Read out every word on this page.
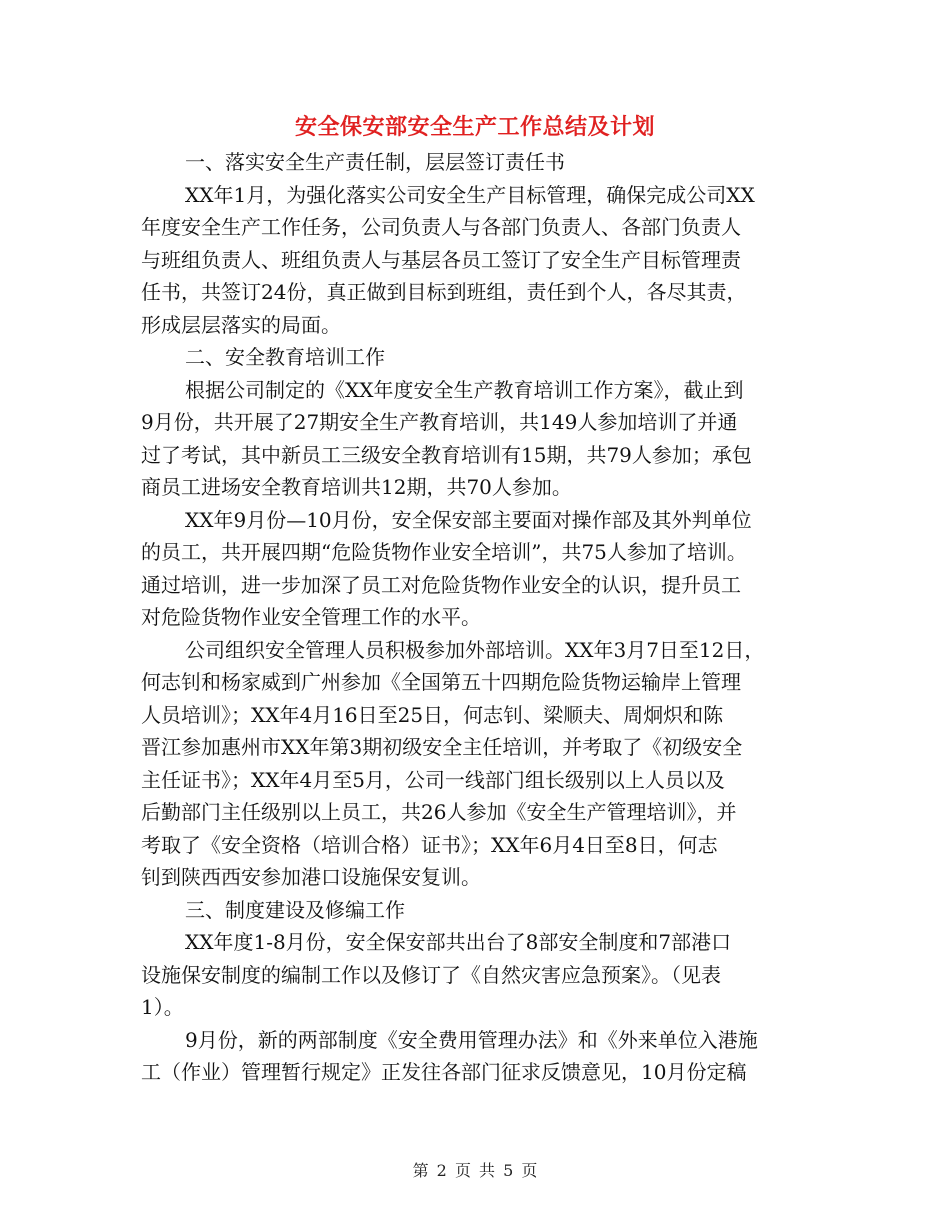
安全保安部安全生产工作总结及计划
一、落实安全生产责任制，层层签订责任书
XX年1月，为强化落实公司安全生产目标管理，确保完成公司XX
年度安全生产工作任务，公司负责人与各部门负责人、各部门负责人
与班组负责人、班组负责人与基层各员工签订了安全生产目标管理责
任书，共签订24份，真正做到目标到班组，责任到个人，各尽其责，
形成层层落实的局面。
二、安全教育培训工作
根据公司制定的《XX年度安全生产教育培训工作方案》，截止到
9月份，共开展了27期安全生产教育培训，共149人参加培训了并通
过了考试，其中新员工三级安全教育培训有15期，共79人参加；承包
商员工进场安全教育培训共12期，共70人参加。
XX年9月份—10月份，安全保安部主要面对操作部及其外判单位
的员工，共开展四期“危险货物作业安全培训”，共75人参加了培训。
通过培训，进一步加深了员工对危险货物作业安全的认识，提升员工
对危险货物作业安全管理工作的水平。
公司组织安全管理人员积极参加外部培训。XX年3月7日至12日，
何志钊和杨家威到广州参加《全国第五十四期危险货物运输岸上管理
人员培训》；XX年4月16日至25日，何志钊、梁顺夫、周炯炽和陈
晋江参加惠州市XX年第3期初级安全主任培训，并考取了《初级安全
主任证书》；XX年4月至5月，公司一线部门组长级别以上人员以及
后勤部门主任级别以上员工，共26人参加《安全生产管理培训》，并
考取了《安全资格（培训合格）证书》；XX年6月4日至8日，何志
钊到陕西西安参加港口设施保安复训。
三、制度建设及修编工作
XX年度1-8月份，安全保安部共出台了8部安全制度和7部港口
设施保安制度的编制工作以及修订了《自然灾害应急预案》。（见表
1）。
9月份，新的两部制度《安全费用管理办法》和《外来单位入港施
工（作业）管理暂行规定》正发往各部门征求反馈意见，10月份定稿
第 2 页 共 5 页
